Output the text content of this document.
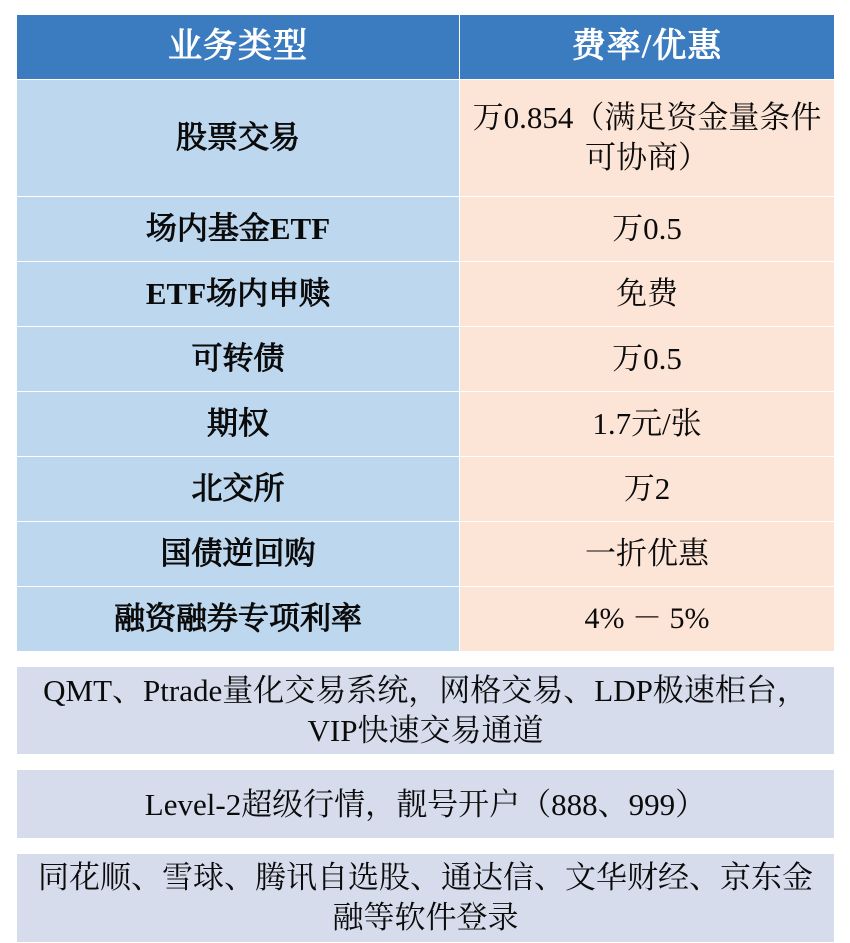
业务类型	费率/优惠
股票交易	万0.854（满足资金量条件可协商）
场内基金ETF	万0.5
ETF场内申赎	免费
可转债	万0.5
期权	1.7元/张
北交所	万2
国债逆回购	一折优惠
融资融券专项利率	4% － 5%

QMT、Ptrade量化交易系统，网格交易、LDP极速柜台，VIP快速交易通道	

Level-2超级行情，靓号开户（888、999）	

同花顺、雪球、腾讯自选股、通达信、文华财经、京东金融等软件登录	
